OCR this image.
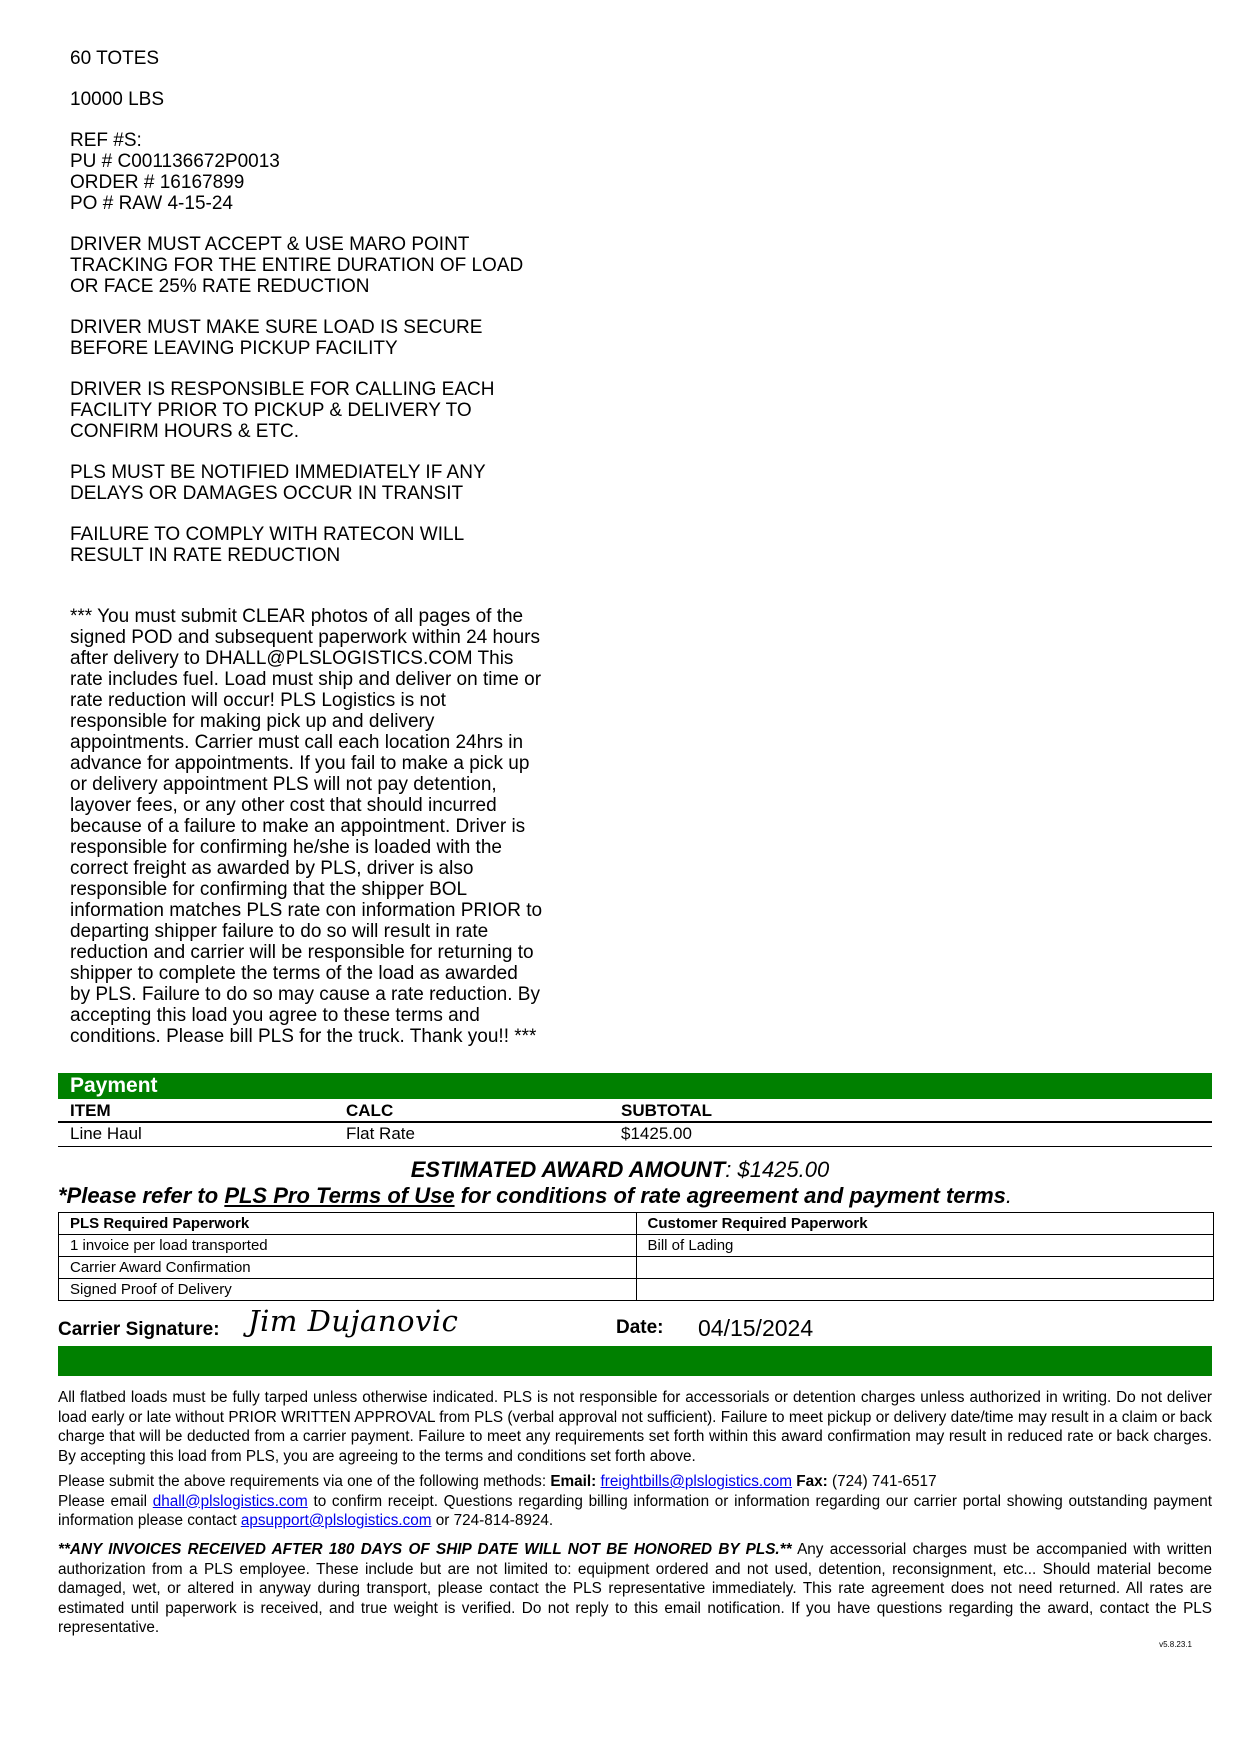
60 TOTES

10000 LBS

REF #S:
PU # C001136672P0013
ORDER # 16167899
PO # RAW 4-15-24

DRIVER MUST ACCEPT & USE MARO POINT
TRACKING FOR THE ENTIRE DURATION OF LOAD
OR FACE 25% RATE REDUCTION

DRIVER MUST MAKE SURE LOAD IS SECURE
BEFORE LEAVING PICKUP FACILITY

DRIVER IS RESPONSIBLE FOR CALLING EACH
FACILITY PRIOR TO PICKUP & DELIVERY TO
CONFIRM HOURS & ETC.

PLS MUST BE NOTIFIED IMMEDIATELY IF ANY
DELAYS OR DAMAGES OCCUR IN TRANSIT

FAILURE TO COMPLY WITH RATECON WILL
RESULT IN RATE REDUCTION

*** You must submit CLEAR photos of all pages of the
signed POD and subsequent paperwork within 24 hours
after delivery to DHALL@PLSLOGISTICS.COM This
rate includes fuel. Load must ship and deliver on time or
rate reduction will occur! PLS Logistics is not
responsible for making pick up and delivery
appointments. Carrier must call each location 24hrs in
advance for appointments. If you fail to make a pick up
or delivery appointment PLS will not pay detention,
layover fees, or any other cost that should incurred
because of a failure to make an appointment. Driver is
responsible for confirming he/she is loaded with the
correct freight as awarded by PLS, driver is also
responsible for confirming that the shipper BOL
information matches PLS rate con information PRIOR to
departing shipper failure to do so will result in rate
reduction and carrier will be responsible for returning to
shipper to complete the terms of the load as awarded
by PLS. Failure to do so may cause a rate reduction. By
accepting this load you agree to these terms and
conditions. Please bill PLS for the truck. Thank you!! ***

Payment
ITEM	CALC	SUBTOTAL
Line Haul	Flat Rate	$1425.00
ESTIMATED AWARD AMOUNT: $1425.00
*Please refer to PLS Pro Terms of Use for conditions of rate agreement and payment terms.
PLS Required Paperwork	Customer Required Paperwork
1 invoice per load transported	Bill of Lading
Carrier Award Confirmation	
Signed Proof of Delivery	
Carrier Signature: Jim Dujanovic	Date: 04/15/2024

All flatbed loads must be fully tarped unless otherwise indicated. PLS is not responsible for accessorials or detention charges unless authorized in writing. Do not deliver load early or late without PRIOR WRITTEN APPROVAL from PLS (verbal approval not sufficient). Failure to meet pickup or delivery date/time may result in a claim or back charge that will be deducted from a carrier payment. Failure to meet any requirements set forth within this award confirmation may result in reduced rate or back charges. By accepting this load from PLS, you are agreeing to the terms and conditions set forth above.

Please submit the above requirements via one of the following methods: Email: freightbills@plslogistics.com Fax: (724) 741-6517
Please email dhall@plslogistics.com to confirm receipt. Questions regarding billing information or information regarding our carrier portal showing outstanding payment information please contact apsupport@plslogistics.com or 724-814-8924.

**ANY INVOICES RECEIVED AFTER 180 DAYS OF SHIP DATE WILL NOT BE HONORED BY PLS.** Any accessorial charges must be accompanied with written authorization from a PLS employee. These include but are not limited to: equipment ordered and not used, detention, reconsignment, etc... Should material become damaged, wet, or altered in anyway during transport, please contact the PLS representative immediately. This rate agreement does not need returned. All rates are estimated until paperwork is received, and true weight is verified. Do not reply to this email notification. If you have questions regarding the award, contact the PLS representative.

v5.8.23.1
